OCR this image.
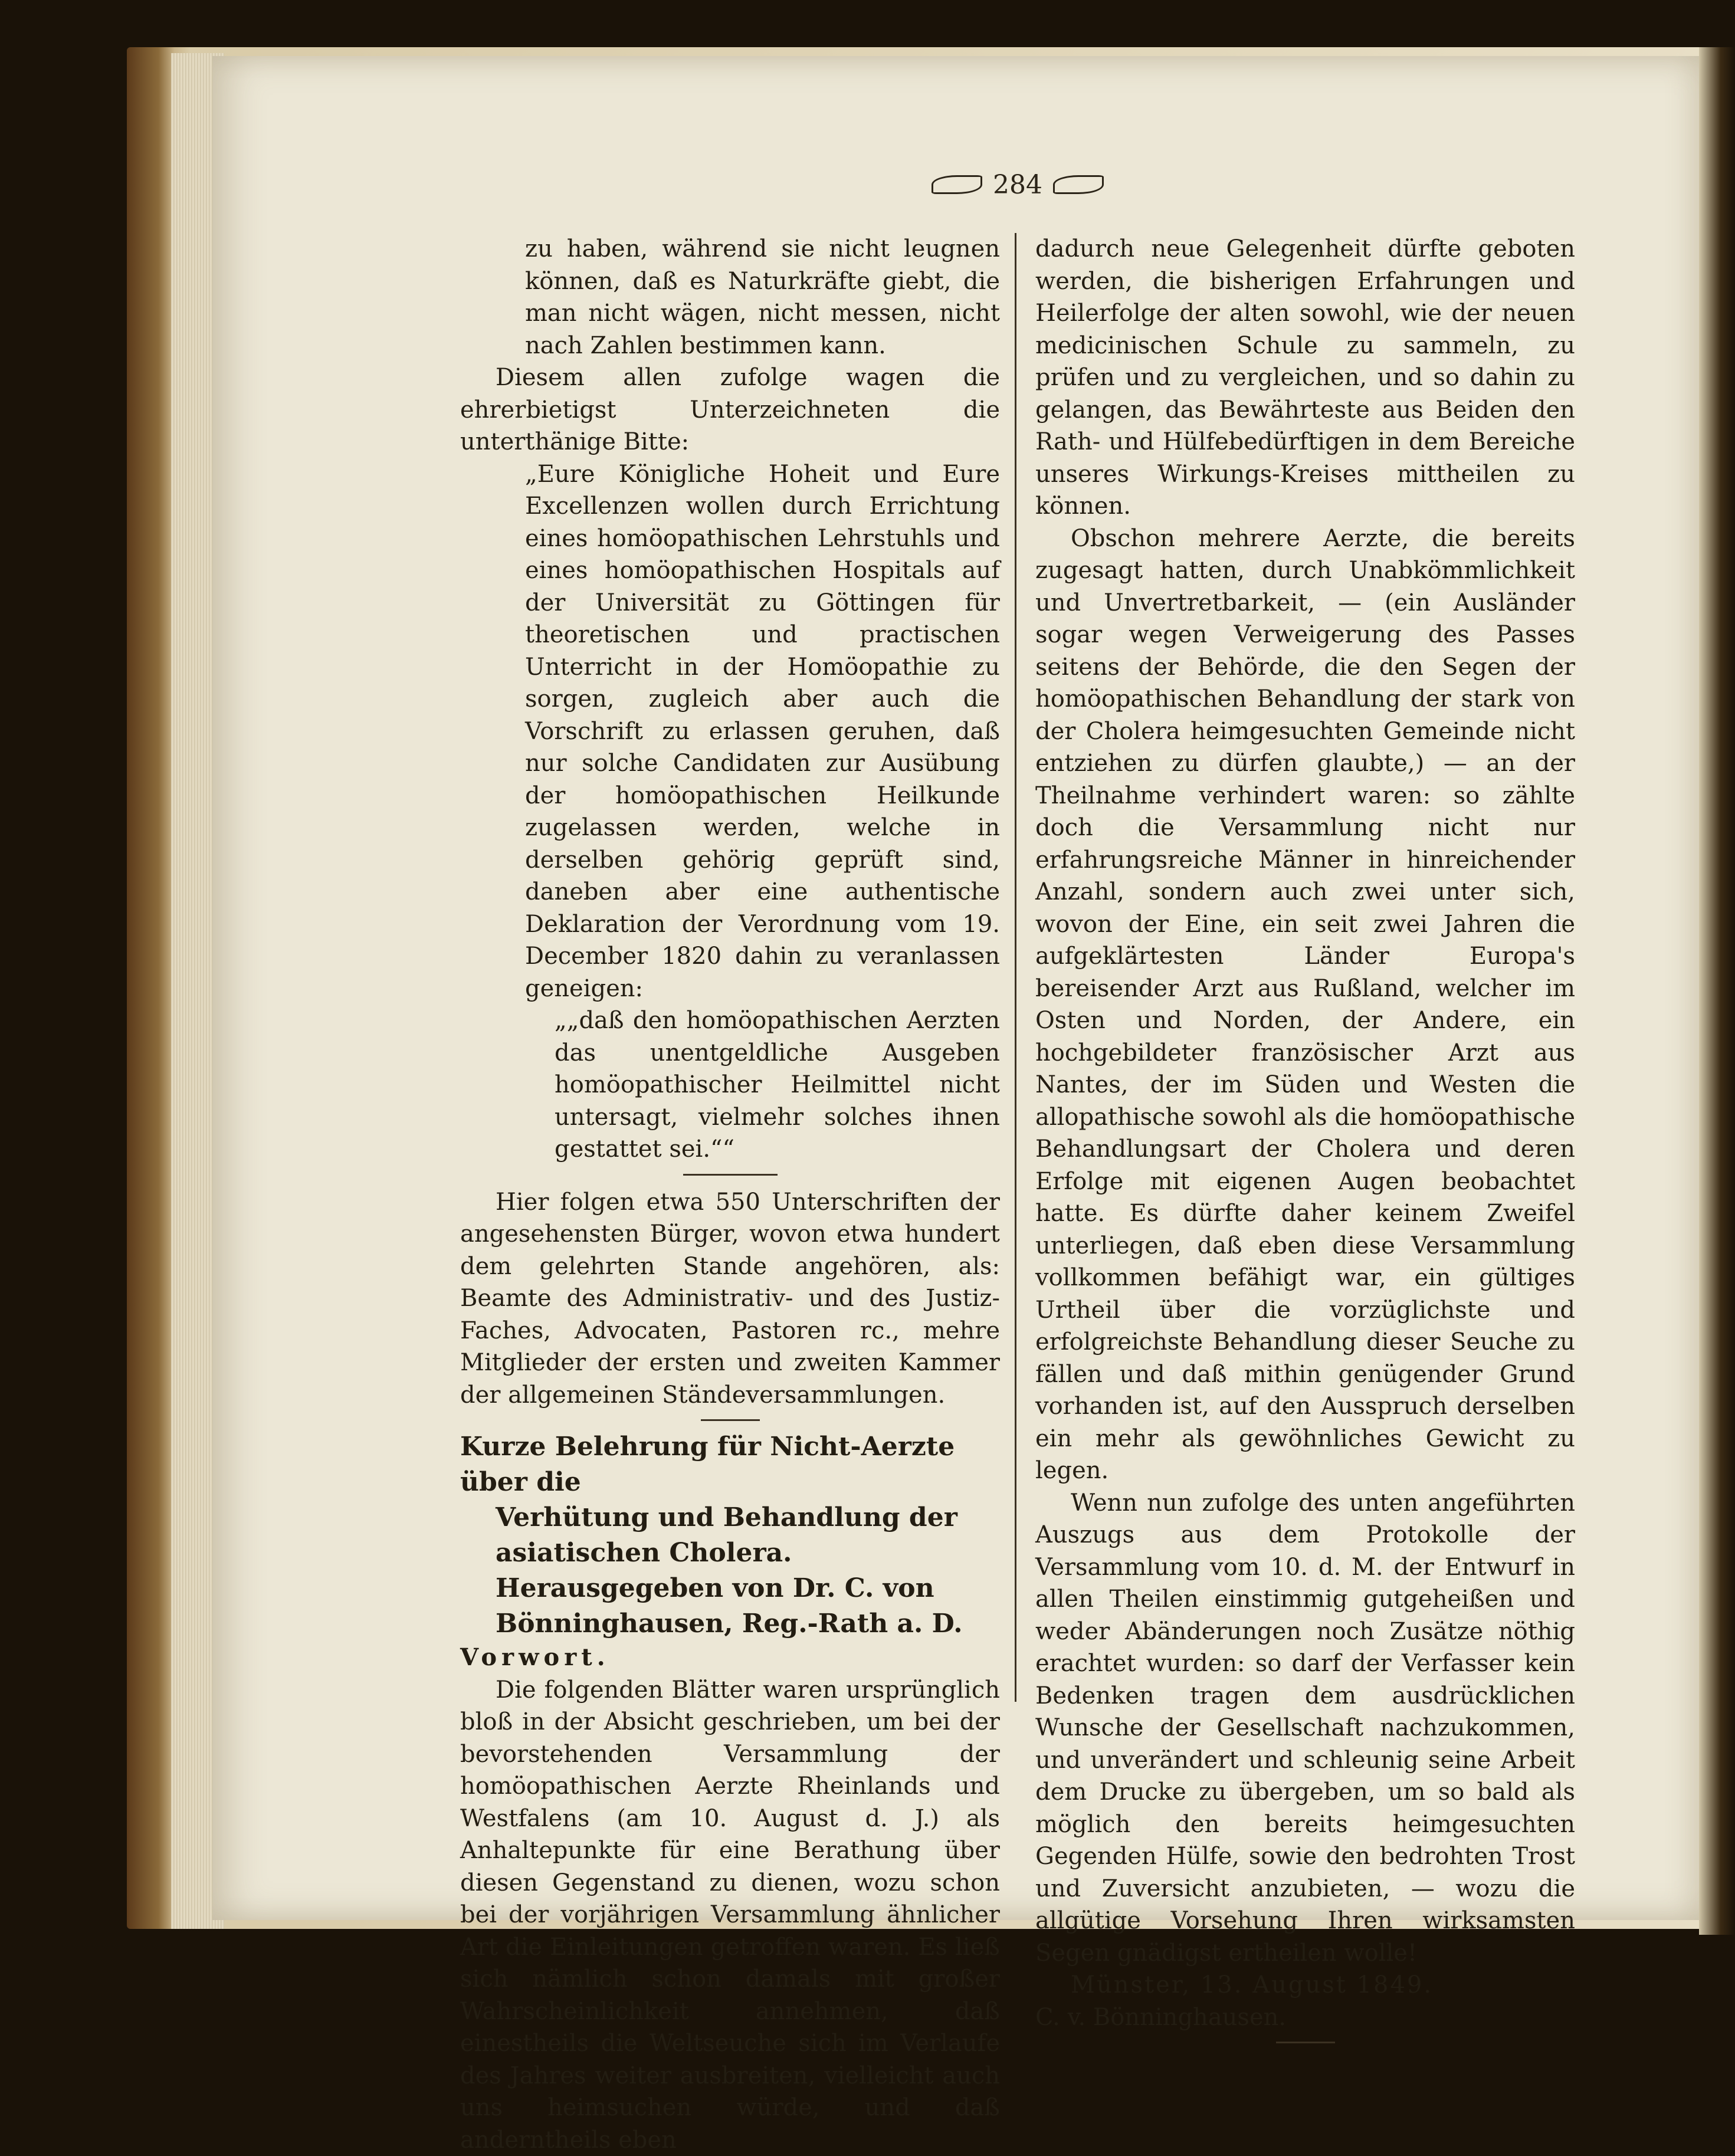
284

zu haben, während sie nicht leugnen können, daß es Naturkräfte giebt, die man nicht wägen, nicht messen, nicht nach Zahlen bestimmen kann.

Diesem allen zufolge wagen die ehrerbietigst Unterzeichneten die unterthänige Bitte:

„Eure Königliche Hoheit und Eure Excellenzen wollen durch Errichtung eines homöopathischen Lehrstuhls und eines homöopathischen Hospitals auf der Universität zu Göttingen für theoretischen und practischen Unterricht in der Homöopathie zu sorgen, zugleich aber auch die Vorschrift zu erlassen geruhen, daß nur solche Candidaten zur Ausübung der homöopathischen Heilkunde zugelassen werden, welche in derselben gehörig geprüft sind, daneben aber eine authentische Deklaration der Verordnung vom 19. December 1820 dahin zu veranlassen geneigen:

„„daß den homöopathischen Aerzten das unentgeldliche Ausgeben homöopathischer Heilmittel nicht untersagt, vielmehr solches ihnen gestattet sei.““

Hier folgen etwa 550 Unterschriften der angesehensten Bürger, wovon etwa hundert dem gelehrten Stande angehören, als: Beamte des Administrativ- und des Justiz-Faches, Advocaten, Pastoren rc., mehre Mitglieder der ersten und zweiten Kammer der allgemeinen Ständeversammlungen.

Kurze Belehrung für Nicht-Aerzte über die
Verhütung und Behandlung der asiatischen Cholera. Herausgegeben von Dr. C. von Bönninghausen, Reg.-Rath a. D.

Vorwort.

Die folgenden Blätter waren ursprünglich bloß in der Absicht geschrieben, um bei der bevorstehenden Versammlung der homöopathischen Aerzte Rheinlands und Westfalens (am 10. August d. J.) als Anhaltepunkte für eine Berathung über diesen Gegenstand zu dienen, wozu schon bei der vorjährigen Versammlung ähnlicher Art die Einleitungen getroffen waren. Es ließ sich nämlich schon damals mit großer Wahrscheinlichkeit annehmen, daß einestheils die Weltseuche sich im Verlaufe des Jahres weiter ausbreiten, vielleicht auch uns heimsuchen würde, und daß anderntheils eben

dadurch neue Gelegenheit dürfte geboten werden, die bisherigen Erfahrungen und Heilerfolge der alten sowohl, wie der neuen medicinischen Schule zu sammeln, zu prüfen und zu vergleichen, und so dahin zu gelangen, das Bewährteste aus Beiden den Rath- und Hülfebedürftigen in dem Bereiche unseres Wirkungs-Kreises mittheilen zu können.

Obschon mehrere Aerzte, die bereits zugesagt hatten, durch Unabkömmlichkeit und Unvertretbarkeit, — (ein Ausländer sogar wegen Verweigerung des Passes seitens der Behörde, die den Segen der homöopathischen Behandlung der stark von der Cholera heimgesuchten Gemeinde nicht entziehen zu dürfen glaubte,) — an der Theilnahme verhindert waren: so zählte doch die Versammlung nicht nur erfahrungsreiche Männer in hinreichender Anzahl, sondern auch zwei unter sich, wovon der Eine, ein seit zwei Jahren die aufgeklärtesten Länder Europa's bereisender Arzt aus Rußland, welcher im Osten und Norden, der Andere, ein hochgebildeter französischer Arzt aus Nantes, der im Süden und Westen die allopathische sowohl als die homöopathische Behandlungsart der Cholera und deren Erfolge mit eigenen Augen beobachtet hatte. Es dürfte daher keinem Zweifel unterliegen, daß eben diese Versammlung vollkommen befähigt war, ein gültiges Urtheil über die vorzüglichste und erfolgreichste Behandlung dieser Seuche zu fällen und daß mithin genügender Grund vorhanden ist, auf den Ausspruch derselben ein mehr als gewöhnliches Gewicht zu legen.

Wenn nun zufolge des unten angeführten Auszugs aus dem Protokolle der Versammlung vom 10. d. M. der Entwurf in allen Theilen einstimmig gutgeheißen und weder Abänderungen noch Zusätze nöthig erachtet wurden: so darf der Verfasser kein Bedenken tragen dem ausdrücklichen Wunsche der Gesellschaft nachzukommen, und unverändert und schleunig seine Arbeit dem Drucke zu übergeben, um so bald als möglich den bereits heimgesuchten Gegenden Hülfe, sowie den bedrohten Trost und Zuversicht anzubieten, — wozu die allgütige Vorsehung Ihren wirksamsten Segen gnädigst ertheilen wolle!

Münster, 13. August 1849.

C. v. Bönninghausen.
